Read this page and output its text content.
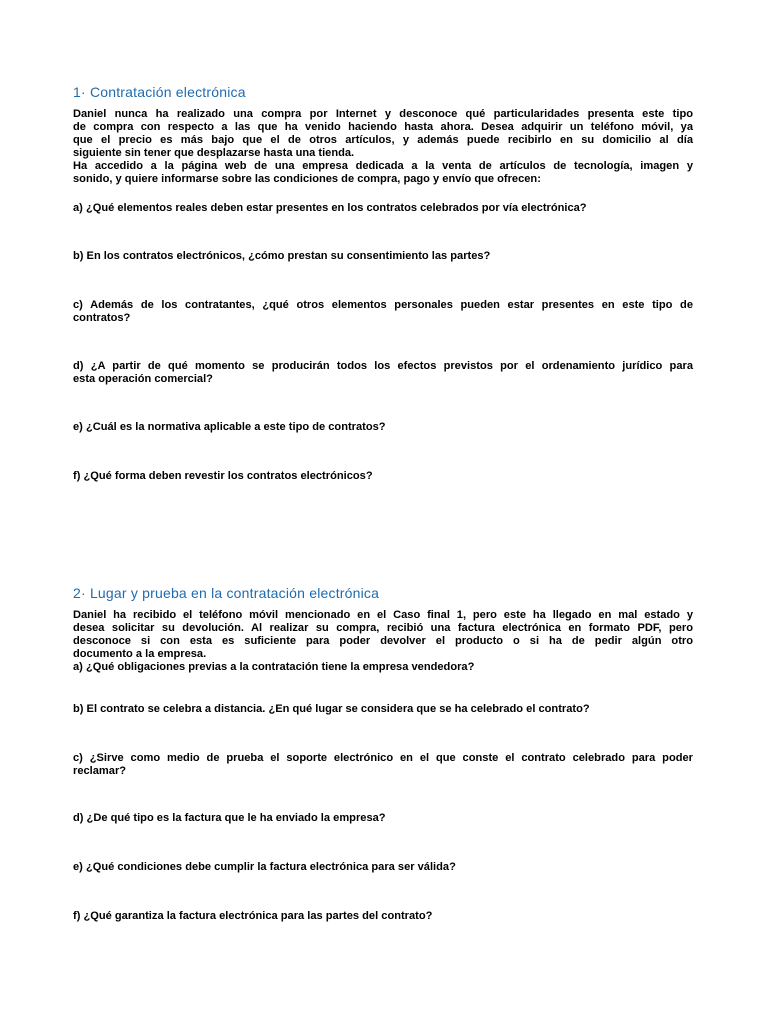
1· Contratación electrónica
Daniel nunca ha realizado una compra por Internet y desconoce qué particularidades presenta este tipo
de compra con respecto a las que ha venido haciendo hasta ahora. Desea adquirir un teléfono móvil, ya
que el precio es más bajo que el de otros artículos, y además puede recibirlo en su domicilio al día
siguiente sin tener que desplazarse hasta una tienda.
Ha accedido a la página web de una empresa dedicada a la venta de artículos de tecnología, imagen y
sonido, y quiere informarse sobre las condiciones de compra, pago y envío que ofrecen:
a) ¿Qué elementos reales deben estar presentes en los contratos celebrados por vía electrónica?
b) En los contratos electrónicos, ¿cómo prestan su consentimiento las partes?
c) Además de los contratantes, ¿qué otros elementos personales pueden estar presentes en este tipo de
contratos?
d) ¿A partir de qué momento se producirán todos los efectos previstos por el ordenamiento jurídico para
esta operación comercial?
e) ¿Cuál es la normativa aplicable a este tipo de contratos?
f) ¿Qué forma deben revestir los contratos electrónicos?
2· Lugar y prueba en la contratación electrónica
Daniel ha recibido el teléfono móvil mencionado en el Caso final 1, pero este ha llegado en mal estado y
desea solicitar su devolución. Al realizar su compra, recibió una factura electrónica en formato PDF, pero
desconoce si con esta es suficiente para poder devolver el producto o si ha de pedir algún otro
documento a la empresa.
a) ¿Qué obligaciones previas a la contratación tiene la empresa vendedora?
b) El contrato se celebra a distancia. ¿En qué lugar se considera que se ha celebrado el contrato?
c) ¿Sirve como medio de prueba el soporte electrónico en el que conste el contrato celebrado para poder
reclamar?
d) ¿De qué tipo es la factura que le ha enviado la empresa?
e) ¿Qué condiciones debe cumplir la factura electrónica para ser válida?
f) ¿Qué garantiza la factura electrónica para las partes del contrato?
